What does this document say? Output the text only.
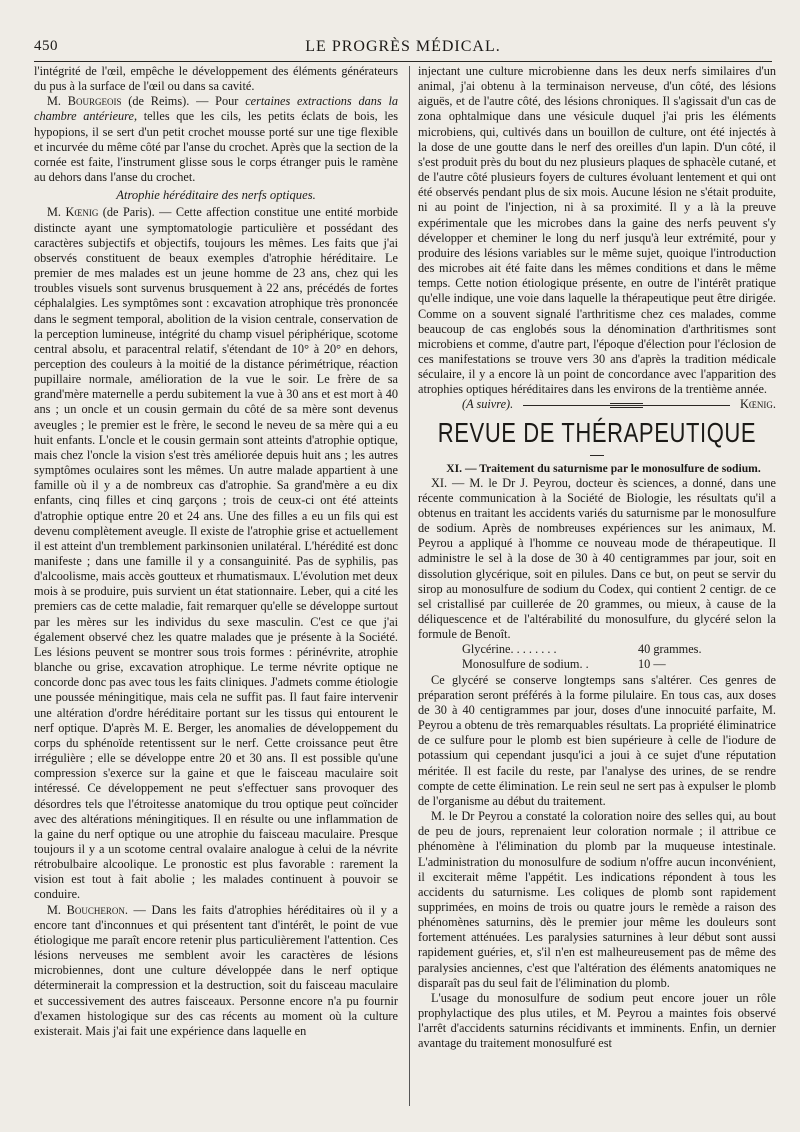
450	LE PROGRÈS MÉDICAL.

l'intégrité de l'œil, empêche le développement des éléments générateurs du pus à la surface de l'œil ou dans sa cavité.

M. Bourgeois (de Reims). — Pour certaines extractions dans la chambre antérieure, telles que les cils, les petits éclats de bois, les hypopions, il se sert d'un petit crochet mousse porté sur une tige flexible et incurvée du même côté par l'anse du crochet. Après que la section de la cornée est faite, l'instrument glisse sous le corps étranger puis le ramène au dehors dans l'anse du crochet.

Atrophie héréditaire des nerfs optiques.

M. Kœnig (de Paris). — Cette affection constitue une entité morbide distincte ayant une symptomatologie particulière et possédant des caractères subjectifs et objectifs, toujours les mêmes. Les faits que j'ai observés constituent de beaux exemples d'atrophie héréditaire. Le premier de mes malades est un jeune homme de 23 ans, chez qui les troubles visuels sont survenus brusquement à 22 ans, précédés de fortes céphalalgies. Les symptômes sont : excavation atrophique très prononcée dans le segment temporal, abolition de la vision centrale, conservation de la perception lumineuse, intégrité du champ visuel périphérique, scotome central absolu, et paracentral relatif, s'étendant de 10° à 20° en dehors, perception des couleurs à la moitié de la distance périmétrique, réaction pupillaire normale, amélioration de la vue le soir. Le frère de sa grand'mère maternelle a perdu subitement la vue à 30 ans et est mort à 40 ans ; un oncle et un cousin germain du côté de sa mère sont devenus aveugles ; le premier est le frère, le second le neveu de sa mère qui a eu huit enfants. L'oncle et le cousin germain sont atteints d'atrophie optique, mais chez l'oncle la vision s'est très améliorée depuis huit ans ; les autres symptômes oculaires sont les mêmes. Un autre malade appartient à une famille où il y a de nombreux cas d'atrophie. Sa grand'mère a eu dix enfants, cinq filles et cinq garçons ; trois de ceux-ci ont été atteints d'atrophie optique entre 20 et 24 ans. Une des filles a eu un fils qui est devenu complètement aveugle. Il existe de l'atrophie grise et actuellement il est atteint d'un tremblement parkinsonien unilatéral. L'hérédité est donc manifeste ; dans une famille il y a consanguinité. Pas de syphilis, pas d'alcoolisme, mais accès goutteux et rhumatismaux. L'évolution met deux mois à se produire, puis survient un état stationnaire. Leber, qui a cité les premiers cas de cette maladie, fait remarquer qu'elle se développe surtout par les mères sur les individus du sexe masculin. C'est ce que j'ai également observé chez les quatre malades que je présente à la Société. Les lésions peuvent se montrer sous trois formes : périnévrite, atrophie blanche ou grise, excavation atrophique. Le terme névrite optique ne concorde donc pas avec tous les faits cliniques. J'admets comme étiologie une poussée méningitique, mais cela ne suffit pas. Il faut faire intervenir une altération d'ordre héréditaire portant sur les tissus qui entourent le nerf optique. D'après M. E. Berger, les anomalies de développement du corps du sphénoïde retentissent sur le nerf. Cette croissance peut être irrégulière ; elle se développe entre 20 et 30 ans. Il est possible qu'une compression s'exerce sur la gaine et que le faisceau maculaire soit intéressé. Ce développement ne peut s'effectuer sans provoquer des désordres tels que l'étroitesse anatomique du trou optique peut coïncider avec des altérations méningitiques. Il en résulte ou une inflammation de la gaine du nerf optique ou une atrophie du faisceau maculaire. Presque toujours il y a un scotome central ovalaire analogue à celui de la névrite rétrobulbaire alcoolique. Le pronostic est plus favorable : rarement la vision est tout à fait abolie ; les malades continuent à pouvoir se conduire.

M. Boucheron. — Dans les faits d'atrophies héréditaires où il y a encore tant d'inconnues et qui présentent tant d'intérêt, le point de vue étiologique me paraît encore retenir plus particulièrement l'attention. Ces lésions nerveuses me semblent avoir les caractères de lésions microbiennes, dont une culture développée dans le nerf optique déterminerait la compression et la destruction, soit du faisceau maculaire et successivement des autres faisceaux. Personne encore n'a pu fournir d'examen histologique sur des cas récents au moment où la culture existerait. Mais j'ai fait une expérience dans laquelle en

injectant une culture microbienne dans les deux nerfs similaires d'un animal, j'ai obtenu à la terminaison nerveuse, d'un côté, des lésions aiguës, et de l'autre côté, des lésions chroniques. Il s'agissait d'un cas de zona ophtalmique dans une vésicule duquel j'ai pris les éléments microbiens, qui, cultivés dans un bouillon de culture, ont été injectés à la dose de une goutte dans le nerf des oreilles d'un lapin. D'un côté, il s'est produit près du bout du nez plusieurs plaques de sphacèle cutané, et de l'autre côté plusieurs foyers de cultures évoluant lentement et qui ont été observés pendant plus de six mois. Aucune lésion ne s'était produite, ni au point de l'injection, ni à sa proximité. Il y a là la preuve expérimentale que les microbes dans la gaine des nerfs peuvent s'y développer et cheminer le long du nerf jusqu'à leur extrémité, pour y produire des lésions variables sur le même sujet, quoique l'introduction des microbes ait été faite dans les mêmes conditions et dans le même temps. Cette notion étiologique présente, en outre de l'intérêt pratique qu'elle indique, une voie dans laquelle la thérapeutique peut être dirigée. Comme on a souvent signalé l'arthritisme chez ces malades, comme beaucoup de cas englobés sous la dénomination d'arthritismes sont microbiens et comme, d'autre part, l'époque d'élection pour l'éclosion de ces manifestations se trouve vers 30 ans d'après la tradition médicale séculaire, il y a encore là un point de concordance avec l'apparition des atrophies optiques héréditaires dans les environs de la trentième année.

(A suivre).	Kœnig.

REVUE DE THÉRAPEUTIQUE

XI. — Traitement du saturnisme par le monosulfure de sodium.

XI. — M. le Dr J. Peyrou, docteur ès sciences, a donné, dans une récente communication à la Société de Biologie, les résultats qu'il a obtenus en traitant les accidents variés du saturnisme par le monosulfure de sodium. Après de nombreuses expériences sur les animaux, M. Peyrou a appliqué à l'homme ce nouveau mode de thérapeutique. Il administre le sel à la dose de 30 à 40 centigrammes par jour, soit en dissolution glycérique, soit en pilules. Dans ce but, on peut se servir du sirop au monosulfure de sodium du Codex, qui contient 2 centigr. de ce sel cristallisé par cuillerée de 20 grammes, ou mieux, à cause de la déliquescence et de l'altérabilité du monosulfure, du glycéré selon la formule de Benoît.

Glycérine. . . . . . . .	40 grammes.
Monosulfure de sodium. .	10 —

Ce glycéré se conserve longtemps sans s'altérer. Ces genres de préparation seront préférés à la forme pilulaire. En tous cas, aux doses de 30 à 40 centigrammes par jour, doses d'une innocuité parfaite, M. Peyrou a obtenu de très remarquables résultats. La propriété éliminatrice de ce sulfure pour le plomb est bien supérieure à celle de l'iodure de potassium qui cependant jusqu'ici a joui à ce sujet d'une réputation méritée. Il est facile du reste, par l'analyse des urines, de se rendre compte de cette élimination. Le rein seul ne sert pas à expulser le plomb de l'organisme au début du traitement.

M. le Dr Peyrou a constaté la coloration noire des selles qui, au bout de peu de jours, reprenaient leur coloration normale ; il attribue ce phénomène à l'élimination du plomb par la muqueuse intestinale. L'administration du monosulfure de sodium n'offre aucun inconvénient, il exciterait même l'appétit. Les indications répondent à tous les accidents du saturnisme. Les coliques de plomb sont rapidement supprimées, en moins de trois ou quatre jours le remède a raison des phénomènes saturnins, dès le premier jour même les douleurs sont fortement atténuées. Les paralysies saturnines à leur début sont aussi rapidement guéries, et, s'il n'en est malheureusement pas de même des paralysies anciennes, c'est que l'altération des éléments anatomiques ne disparaît pas du seul fait de l'élimination du plomb.

L'usage du monosulfure de sodium peut encore jouer un rôle prophylactique des plus utiles, et M. Peyrou a maintes fois observé l'arrêt d'accidents saturnins récidivants et imminents. Enfin, un dernier avantage du traitement monosulfuré est
